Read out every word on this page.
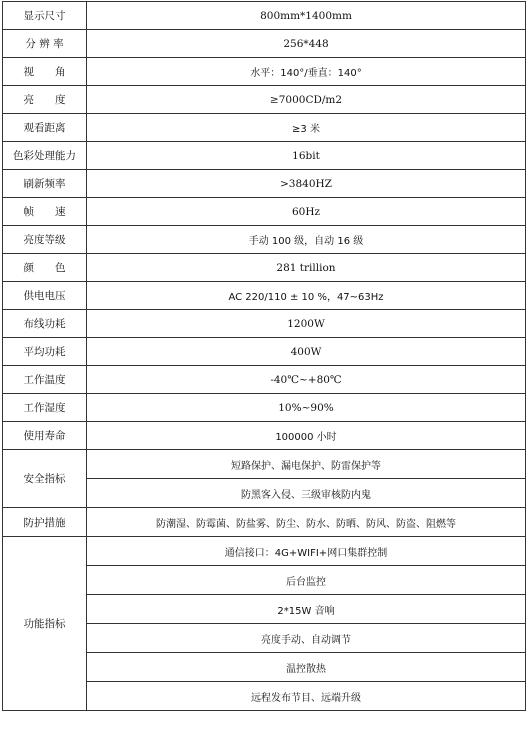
显示尺寸	800mm*1400mm
分 辨 率	256*448
视　　角	水平：140°/垂直：140°
亮　　度	≥7000CD/m2
观看距离	≥3 米
色彩处理能力	16bit
刷新频率	>3840HZ
帧　　速	60Hz
亮度等级	手动 100 级，自动 16 级
颜　　色	281 trillion
供电电压	AC 220/110 ± 10 %，47~63Hz
布线功耗	1200W
平均功耗	400W
工作温度	-40℃~+80℃
工作湿度	10%~90%
使用寿命	100000 小时
安全指标	短路保护、漏电保护、防雷保护等
	防黑客入侵、三级审核防内鬼
防护措施	防潮湿、防霉菌、防盐雾、防尘、防水、防晒、防风、防盗、阻燃等
功能指标	通信接口：4G+WIFI+网口集群控制
	后台监控
	2*15W 音响
	亮度手动、自动调节
	温控散热
	远程发布节目、远端升级
